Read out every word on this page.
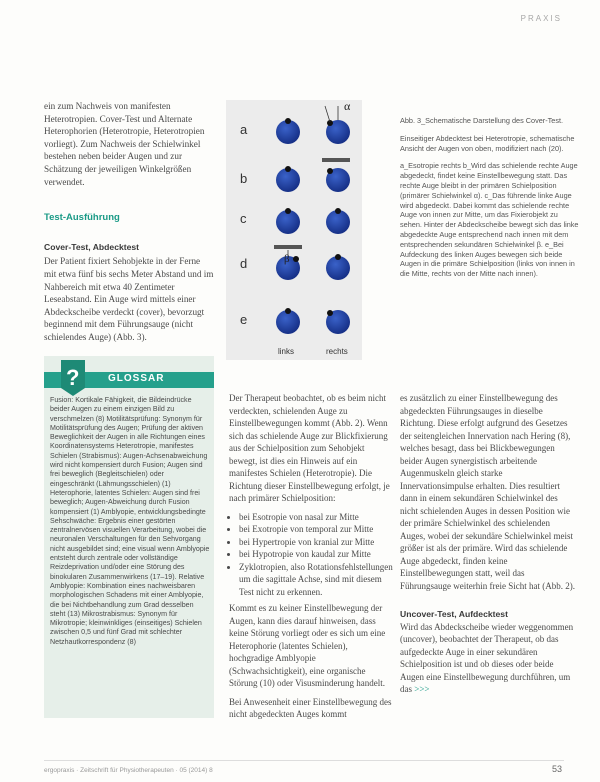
PRAXIS

ein zum Nachweis von manifesten Heterotropien. Cover-Test und Alternate Heterophorien (Heterotropie, Heterotropien vorliegt). Zum Nachweis der Schielwinkel bestehen neben beider Augen und zur Schätzung der jeweiligen Winkelgrößen verwendet.

Test-Ausführung
Cover-Test, Abdecktest

Der Patient fixiert Sehobjekte in der Ferne mit etwa fünf bis sechs Meter Abstand und im Nahbereich mit etwa 40 Zentimeter Leseabstand. Ein Auge wird mittels einer Abdeckscheibe verdeckt (cover), bevorzugt beginnend mit dem Führungsauge (nicht schielendes Auge) (Abb. 3).

a
b
c
d
e
α
β
links	rechts

Abb. 3_Schematische Darstellung des Cover-Test.

Einseitiger Abdecktest bei Heterotropie, schematische Ansicht der Augen von oben, modifiziert nach (20).

a_Esotropie rechts b_Wird das schielende rechte Auge abgedeckt, findet keine Einstellbewegung statt. Das rechte Auge bleibt in der primären Schielposition (primärer Schielwinkel α). c_Das führende linke Auge wird abgedeckt. Dabei kommt das schielende rechte Auge von innen zur Mitte, um das Fixierobjekt zu sehen. Hinter der Abdeckscheibe bewegt sich das linke abgedeckte Auge entsprechend nach innen mit dem entsprechenden sekundären Schielwinkel β. e_Bei Aufdeckung des linken Auges bewegen sich beide Augen in die primäre Schielposition (links von innen in die Mitte, rechts von der Mitte nach innen).

?	GLOSSAR

Fusion: Kortikale Fähigkeit, die Bildeindrücke beider Augen zu einem einzigen Bild zu verschmelzen (8) Motilitätsprüfung: Synonym für Motilitätsprüfung des Augen; Prüfung der aktiven Beweglichkeit der Augen in alle Richtungen eines Koordinatensystems Heterotropie, manifestes Schielen (Strabismus): Augen-Achsenabweichung wird nicht kompensiert durch Fusion; Augen sind frei beweglich (Begleitschielen) oder eingeschränkt (Lähmungsschielen) (1) Heterophorie, latentes Schielen: Augen sind frei beweglich; Augen-Abweichung durch Fusion kompensiert (1) Amblyopie, entwicklungsbedingte Sehschwäche: Ergebnis einer gestörten zentralnervösen visuellen Verarbeitung, wobei die neuronalen Verschaltungen für den Sehvorgang nicht ausgebildet sind; eine visual wenn Amblyopie entsteht durch zentrale oder vollständige Reizdeprivation und/oder eine Störung des binokularen Zusammenwirkens (17–19). Relative Amblyopie: Kombination eines nachweisbaren morphologischen Schadens mit einer Amblyopie, die bei Nichtbehandlung zum Grad desselben steht (13) Mikrostrabismus: Synonym für Mikrotropie; kleinwinkliges (einseitiges) Schielen zwischen 0,5 und fünf Grad mit schlechter Netzhautkorrespondenz (8)

Der Therapeut beobachtet, ob es beim nicht verdeckten, schielenden Auge zu Einstellbewegungen kommt (Abb. 2). Wenn sich das schielende Auge zur Blickfixierung aus der Schielposition zum Sehobjekt bewegt, ist dies ein Hinweis auf ein manifestes Schielen (Heterotropie). Die Richtung dieser Einstellbewegung erfolgt, je nach primärer Schielposition:

• bei Esotropie von nasal zur Mitte
• bei Exotropie von temporal zur Mitte
• bei Hypertropie von kranial zur Mitte
• bei Hypotropie von kaudal zur Mitte
• Zyklotropien, also Rotationsfehlstellungen um die sagittale Achse, sind mit diesem Test nicht zu erkennen.

Kommt es zu keiner Einstellbewegung der Augen, kann dies darauf hinweisen, dass keine Störung vorliegt oder es sich um eine Heterophorie (latentes Schielen), hochgradige Amblyopie (Schwachsichtigkeit), eine organische Störung (10) oder Visusminderung handelt.

Bei Anwesenheit einer Einstellbewegung des nicht abgedeckten Auges kommt

es zusätzlich zu einer Einstellbewegung des abgedeckten Führungsauges in dieselbe Richtung. Diese erfolgt aufgrund des Gesetzes der seitengleichen Innervation nach Hering (8), welches besagt, dass bei Blickbewegungen beider Augen synergistisch arbeitende Augenmuskeln gleich starke Innervationsimpulse erhalten. Dies resultiert dann in einem sekundären Schielwinkel des nicht schielenden Auges in dessen Position wie der primäre Schielwinkel des schielenden Auges, wobei der sekundäre Schielwinkel meist größer ist als der primäre. Wird das schielende Auge abgedeckt, finden keine Einstellbewegungen statt, weil das Führungsauge weiterhin freie Sicht hat (Abb. 2).

Uncover-Test, Aufdecktest

Wird das Abdeckscheibe wieder weggenommen (uncover), beobachtet der Therapeut, ob das aufgedeckte Auge in einer sekundären Schielposition ist und ob dieses oder beide Augen eine Einstellbewegung durchführen, um das >>>

ergopraxis · Zeitschrift für Physiotherapeuten · 05 (2014) 8	53
